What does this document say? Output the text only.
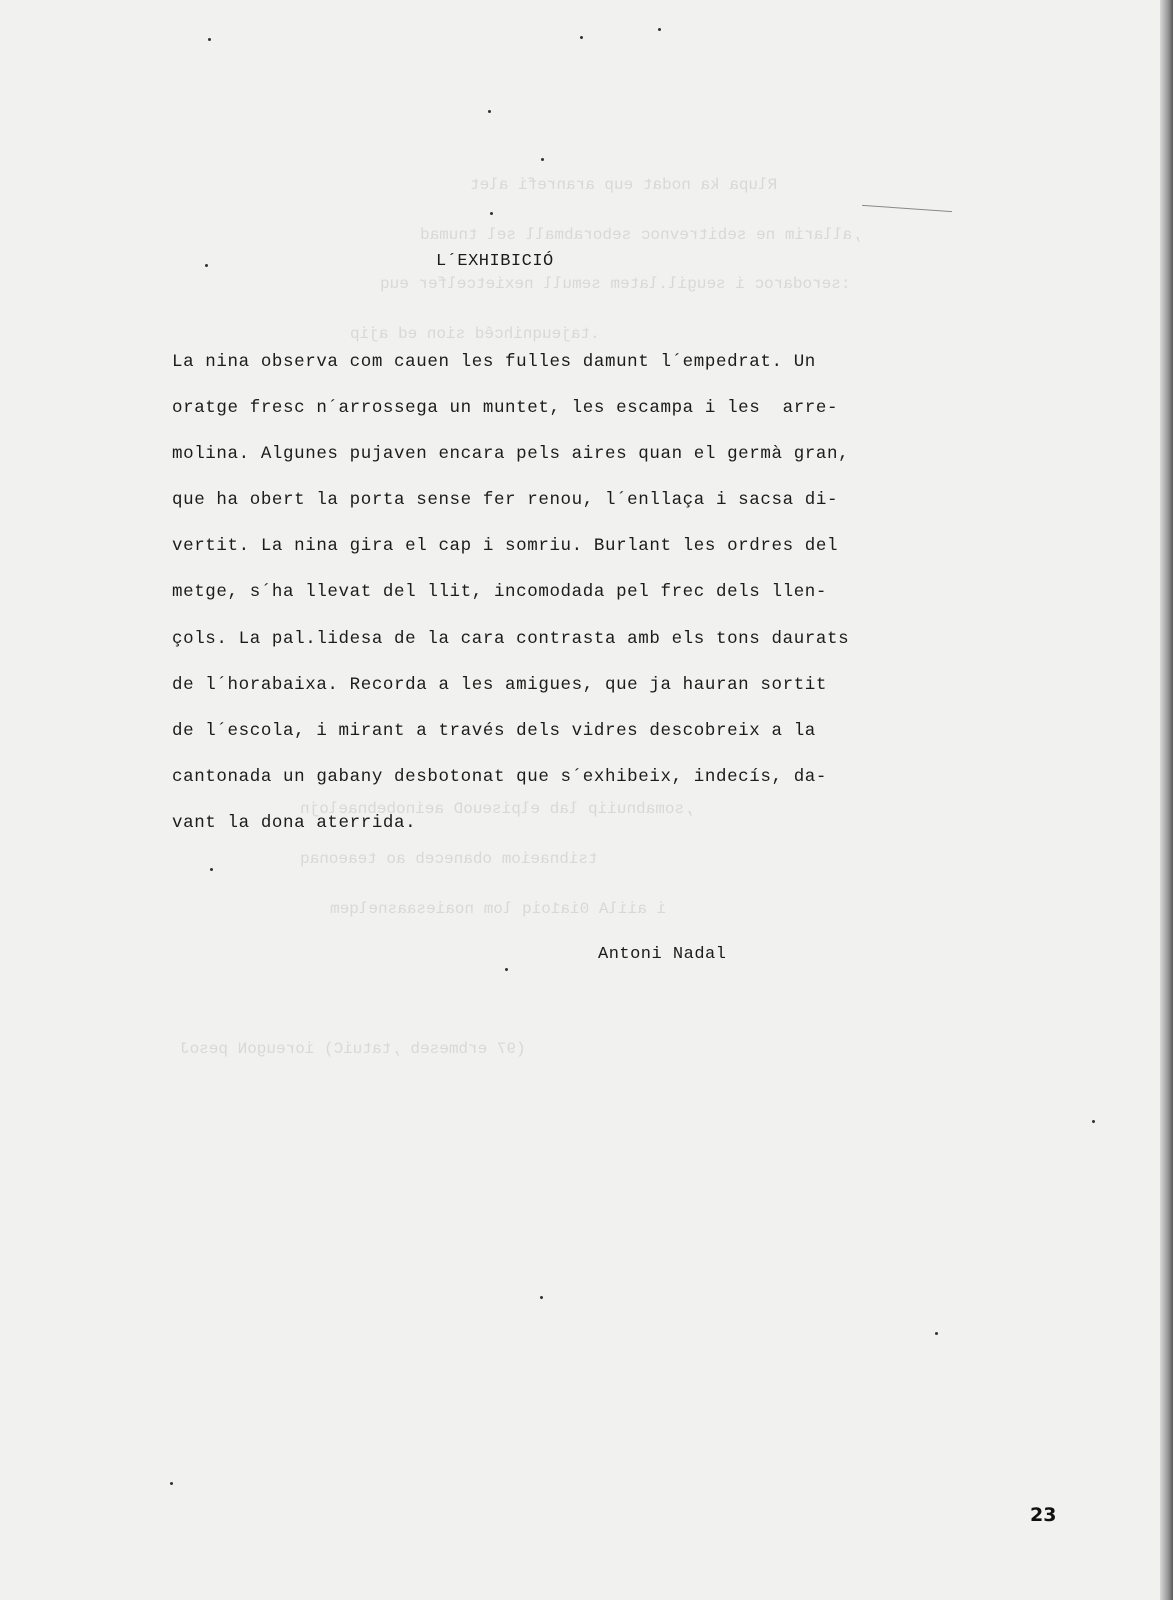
Rlupa ka nodat eup aranrefi alet
,allarim ne sebitrevnoc seborabmall sel tnumad
:serodaroc i seugil.latem semull nexietcelfer euq
.tajeuqnihcêd sion ed ajip
,somabnuiip lab elpiseuoD aeinobebnaelojn
tsibnaeiom obaneceb ao teaeonaq
i aiilA 0ia1oiq lom noaiesaasnelqem
(97 erbmeseb ,tatuiC) ioreugoN pesoJ
L´EXHIBICIÓ
La nina observa com cauen les fulles damunt l´empedrat. Un
oratge fresc n´arrossega un muntet, les escampa i les  arre-
molina. Algunes pujaven encara pels aires quan el germà gran,
que ha obert la porta sense fer renou, l´enllaça i sacsa di-
vertit. La nina gira el cap i somriu. Burlant les ordres del
metge, s´ha llevat del llit, incomodada pel frec dels llen-
çols. La pal.lidesa de la cara contrasta amb els tons daurats
de l´horabaixa. Recorda a les amigues, que ja hauran sortit
de l´escola, i mirant a través dels vidres descobreix a la
cantonada un gabany desbotonat que s´exhibeix, indecís, da-
vant la dona aterrida.
Antoni Nadal
23
